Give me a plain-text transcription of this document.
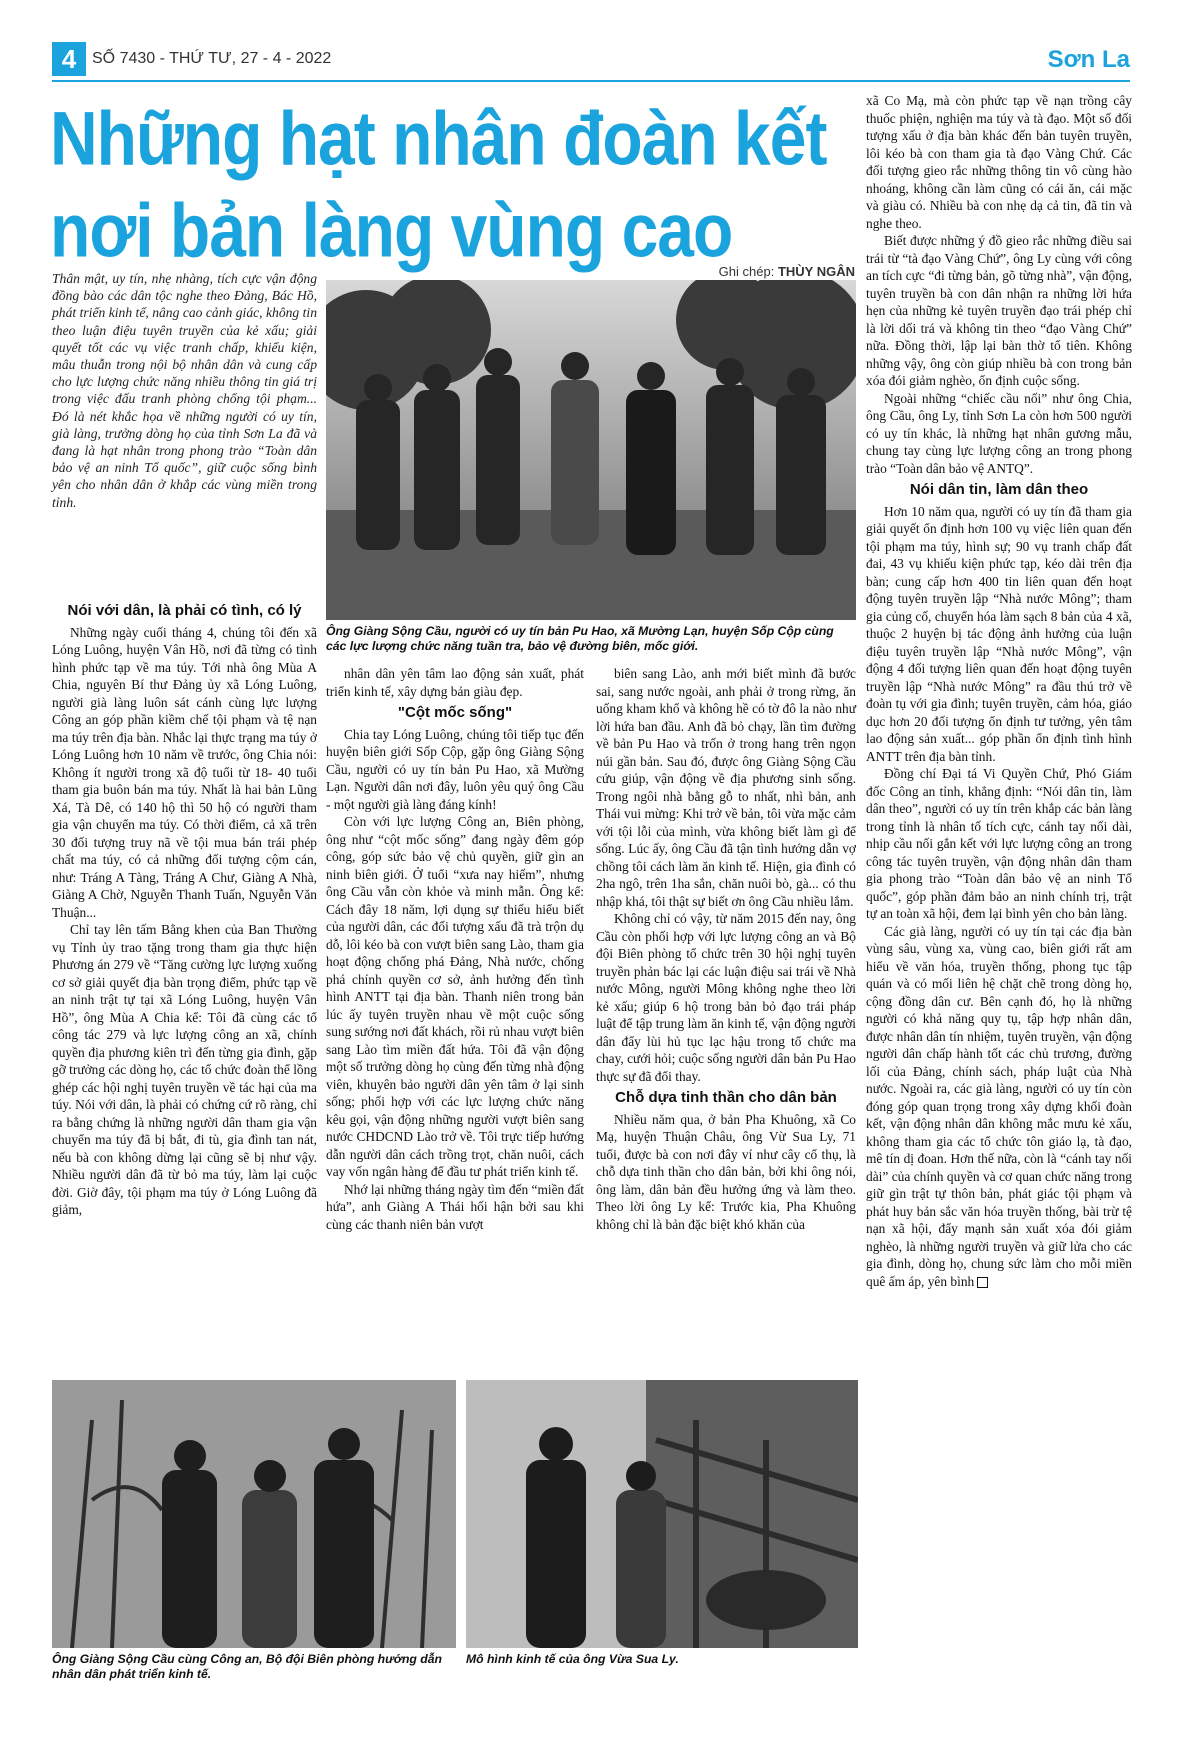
4 SỐ 7430 - THỨ TƯ, 27 - 4 - 2022	Sơn La
Những hạt nhân đoàn kết
nơi bản làng vùng cao
Thân mật, uy tín, nhẹ nhàng, tích cực vận động đồng bào các dân tộc nghe theo Đảng, Bác Hồ, phát triển kinh tế, nâng cao cảnh giác, không tin theo luận điệu tuyên truyền của kẻ xấu; giải quyết tốt các vụ việc tranh chấp, khiếu kiện, mâu thuẫn trong nội bộ nhân dân và cung cấp cho lực lượng chức năng nhiều thông tin giá trị trong việc đấu tranh phòng chống tội phạm... Đó là nét khắc họa về những người có uy tín, già làng, trưởng dòng họ của tỉnh Sơn La đã và đang là hạt nhân trong phong trào “Toàn dân bảo vệ an ninh Tổ quốc”, giữ cuộc sống bình yên cho nhân dân ở khắp các vùng miền trong tỉnh.
Ghi chép: THÙY NGÂN
Ông Giàng Sộng Cầu, người có uy tín bản Pu Hao, xã Mường Lạn, huyện Sốp Cộp cùng các lực lượng chức năng tuần tra, bảo vệ đường biên, mốc giới.
Nói với dân, là phải có tình, có lý

Những ngày cuối tháng 4, chúng tôi đến xã Lóng Luông, huyện Vân Hồ, nơi đã từng có tình hình phức tạp về ma túy. Tới nhà ông Mùa A Chia, nguyên Bí thư Đảng ủy xã Lóng Luông, người già làng luôn sát cánh cùng lực lượng Công an góp phần kiềm chế tội phạm và tệ nạn ma túy trên địa bàn. Nhắc lại thực trạng ma túy ở Lóng Luông hơn 10 năm về trước, ông Chia nói: Không ít người trong xã độ tuổi từ 18- 40 tuổi tham gia buôn bán ma túy. Nhất là hai bản Lũng Xá, Tà Dê, có 140 hộ thì 50 hộ có người tham gia vận chuyển ma túy. Có thời điểm, cả xã trên 30 đối tượng truy nã về tội mua bán trái phép chất ma túy, có cả những đối tượng cộm cán, như: Tráng A Tàng, Tráng A Chư, Giàng A Nhà, Giàng A Chờ, Nguyễn Thanh Tuấn, Nguyễn Văn Thuận...

Chỉ tay lên tấm Bằng khen của Ban Thường vụ Tỉnh ủy trao tặng trong tham gia thực hiện Phương án 279 về “Tăng cường lực lượng xuống cơ sở giải quyết địa bàn trọng điểm, phức tạp về an ninh trật tự tại xã Lóng Luông, huyện Vân Hồ”, ông Mùa A Chia kể: Tôi đã cùng các tổ công tác 279 và lực lượng công an xã, chính quyền địa phương kiên trì đến từng gia đình, gặp gỡ trưởng các dòng họ, các tổ chức đoàn thể lồng ghép các hội nghị tuyên truyền về tác hại của ma túy. Nói với dân, là phải có chứng cứ rõ ràng, chỉ ra bằng chứng là những người dân tham gia vận chuyển ma túy đã bị bắt, đi tù, gia đình tan nát, nếu bà con không dừng lại cũng sẽ bị như vậy. Nhiều người dân đã từ bỏ ma túy, làm lại cuộc đời. Giờ đây, tội phạm ma túy ở Lóng Luông đã giảm,

nhân dân yên tâm lao động sản xuất, phát triển kinh tế, xây dựng bản giàu đẹp.

"Cột mốc sống"

Chia tay Lóng Luông, chúng tôi tiếp tục đến huyện biên giới Sốp Cộp, gặp ông Giàng Sộng Cầu, người có uy tín bản Pu Hao, xã Mường Lạn. Người dân nơi đây, luôn yêu quý ông Cầu - một người già làng đáng kính!

Còn với lực lượng Công an, Biên phòng, ông như “cột mốc sống” đang ngày đêm góp công, góp sức bảo vệ chủ quyền, giữ gìn an ninh biên giới. Ở tuổi “xưa nay hiếm”, nhưng ông Cầu vẫn còn khỏe và minh mẫn. Ông kể: Cách đây 18 năm, lợi dụng sự thiếu hiểu biết của người dân, các đối tượng xấu đã trà trộn dụ dỗ, lôi kéo bà con vượt biên sang Lào, tham gia hoạt động chống phá Đảng, Nhà nước, chống phá chính quyền cơ sở, ảnh hưởng đến tình hình ANTT tại địa bàn. Thanh niên trong bản lúc ấy tuyên truyền nhau về một cuộc sống sung sướng nơi đất khách, rồi rủ nhau vượt biên sang Lào tìm miền đất hứa. Tôi đã vận động một số trưởng dòng họ cùng đến từng nhà động viên, khuyên bảo người dân yên tâm ở lại sinh sống; phối hợp với các lực lượng chức năng kêu gọi, vận động những người vượt biên sang nước CHDCND Lào trở về. Tôi trực tiếp hướng dẫn người dân cách trồng trọt, chăn nuôi, cách vay vốn ngân hàng để đầu tư phát triển kinh tế.

Nhớ lại những tháng ngày tìm đến “miền đất hứa”, anh Giàng A Thái hối hận bởi sau khi cùng các thanh niên bản vượt

biên sang Lào, anh mới biết mình đã bước sai, sang nước ngoài, anh phải ở trong rừng, ăn uống kham khổ và không hề có tờ đô la nào như lời hứa ban đầu. Anh đã bỏ chạy, lần tìm đường về bản Pu Hao và trốn ở trong hang trên ngọn núi gần bản. Sau đó, được ông Giàng Sộng Cầu cứu giúp, vận động về địa phương sinh sống. Trong ngôi nhà bằng gỗ to nhất, nhì bản, anh Thái vui mừng: Khi trở về bản, tôi vừa mặc cảm với tội lỗi của mình, vừa không biết làm gì để sống. Lúc ấy, ông Cầu đã tận tình hướng dẫn vợ chồng tôi cách làm ăn kinh tế. Hiện, gia đình có 2ha ngô, trên 1ha sắn, chăn nuôi bò, gà... có thu nhập khá, tôi thật sự biết ơn ông Cầu nhiều lắm.

Không chỉ có vậy, từ năm 2015 đến nay, ông Cầu còn phối hợp với lực lượng công an và Bộ đội Biên phòng tổ chức trên 30 hội nghị tuyên truyền phản bác lại các luận điệu sai trái về Nhà nước Mông, người Mông không nghe theo lời kẻ xấu; giúp 6 hộ trong bản bỏ đạo trái pháp luật để tập trung làm ăn kinh tế, vận động người dân đẩy lùi hủ tục lạc hậu trong tổ chức ma chay, cưới hỏi; cuộc sống người dân bản Pu Hao thực sự đã đổi thay.

Chỗ dựa tinh thần cho dân bản

Nhiều năm qua, ở bản Pha Khuông, xã Co Mạ, huyện Thuận Châu, ông Vừ Sua Ly, 71 tuổi, được bà con nơi đây ví như cây cổ thụ, là chỗ dựa tinh thần cho dân bản, bởi khi ông nói, ông làm, dân bản đều hưởng ứng và làm theo. Theo lời ông Ly kể: Trước kia, Pha Khuông không chỉ là bản đặc biệt khó khăn của

xã Co Mạ, mà còn phức tạp về nạn trồng cây thuốc phiện, nghiện ma túy và tà đạo. Một số đối tượng xấu ở địa bàn khác đến bản tuyên truyền, lôi kéo bà con tham gia tà đạo Vàng Chứ. Các đối tượng gieo rắc những thông tin vô cùng hào nhoáng, không cần làm cũng có cái ăn, cái mặc và giàu có. Nhiều bà con nhẹ dạ cả tin, đã tin và nghe theo.

Biết được những ý đồ gieo rắc những điều sai trái từ “tà đạo Vàng Chứ”, ông Ly cùng với công an tích cực “đi từng bản, gõ từng nhà”, vận động, tuyên truyền bà con dân nhận ra những lời hứa hẹn của những kẻ tuyên truyền đạo trái phép chỉ là lời dối trá và không tin theo “đạo Vàng Chứ” nữa. Đồng thời, lập lại bàn thờ tổ tiên. Không những vậy, ông còn giúp nhiều bà con trong bản xóa đói giảm nghèo, ổn định cuộc sống.

Ngoài những “chiếc cầu nối” như ông Chia, ông Cầu, ông Ly, tỉnh Sơn La còn hơn 500 người có uy tín khác, là những hạt nhân gương mẫu, chung tay cùng lực lượng công an trong phong trào “Toàn dân bảo vệ ANTQ”.

Nói dân tin, làm dân theo

Hơn 10 năm qua, người có uy tín đã tham gia giải quyết ổn định hơn 100 vụ việc liên quan đến tội phạm ma túy, hình sự; 90 vụ tranh chấp đất đai, 43 vụ khiếu kiện phức tạp, kéo dài trên địa bàn; cung cấp hơn 400 tin liên quan đến hoạt động tuyên truyền lập “Nhà nước Mông”; tham gia củng cố, chuyển hóa làm sạch 8 bản của 4 xã, thuộc 2 huyện bị tác động ảnh hưởng của luận điệu tuyên truyền lập “Nhà nước Mông”, vận động 4 đối tượng liên quan đến hoạt động tuyên truyền lập “Nhà nước Mông” ra đầu thú trở về đoàn tụ với gia đình; tuyên truyền, cảm hóa, giáo dục hơn 20 đối tượng ổn định tư tưởng, yên tâm lao động sản xuất... góp phần ổn định tình hình ANTT trên địa bàn tỉnh.

Đồng chí Đại tá Vi Quyền Chứ, Phó Giám đốc Công an tỉnh, khẳng định: “Nói dân tin, làm dân theo”, người có uy tín trên khắp các bản làng trong tỉnh là nhân tố tích cực, cánh tay nối dài, nhịp cầu nối gắn kết với lực lượng công an trong công tác tuyên truyền, vận động nhân dân tham gia phong trào “Toàn dân bảo vệ an ninh Tổ quốc”, góp phần đảm bảo an ninh chính trị, trật tự an toàn xã hội, đem lại bình yên cho bản làng.

Các già làng, người có uy tín tại các địa bàn vùng sâu, vùng xa, vùng cao, biên giới rất am hiểu về văn hóa, truyền thống, phong tục tập quán và có mối liên hệ chặt chẽ trong dòng họ, cộng đồng dân cư. Bên cạnh đó, họ là những người có khả năng quy tụ, tập hợp nhân dân, được nhân dân tín nhiệm, tuyên truyền, vận động người dân chấp hành tốt các chủ trương, đường lối của Đảng, chính sách, pháp luật của Nhà nước. Ngoài ra, các già làng, người có uy tín còn đóng góp quan trọng trong xây dựng khối đoàn kết, vận động nhân dân không mắc mưu kẻ xấu, không tham gia các tổ chức tôn giáo lạ, tà đạo, mê tín dị đoan. Hơn thế nữa, còn là “cánh tay nối dài” của chính quyền và cơ quan chức năng trong giữ gìn trật tự thôn bản, phát giác tội phạm và phát huy bản sắc văn hóa truyền thống, bài trừ tệ nạn xã hội, đẩy mạnh sản xuất xóa đói giảm nghèo, là những người truyền và giữ lửa cho các gia đình, dòng họ, chung sức làm cho mỗi miền quê ấm áp, yên bình

Ông Giàng Sộng Cầu cùng Công an, Bộ đội Biên phòng hướng dẫn nhân dân phát triển kinh tế.
Mô hình kinh tế của ông Vừa Sua Ly.
